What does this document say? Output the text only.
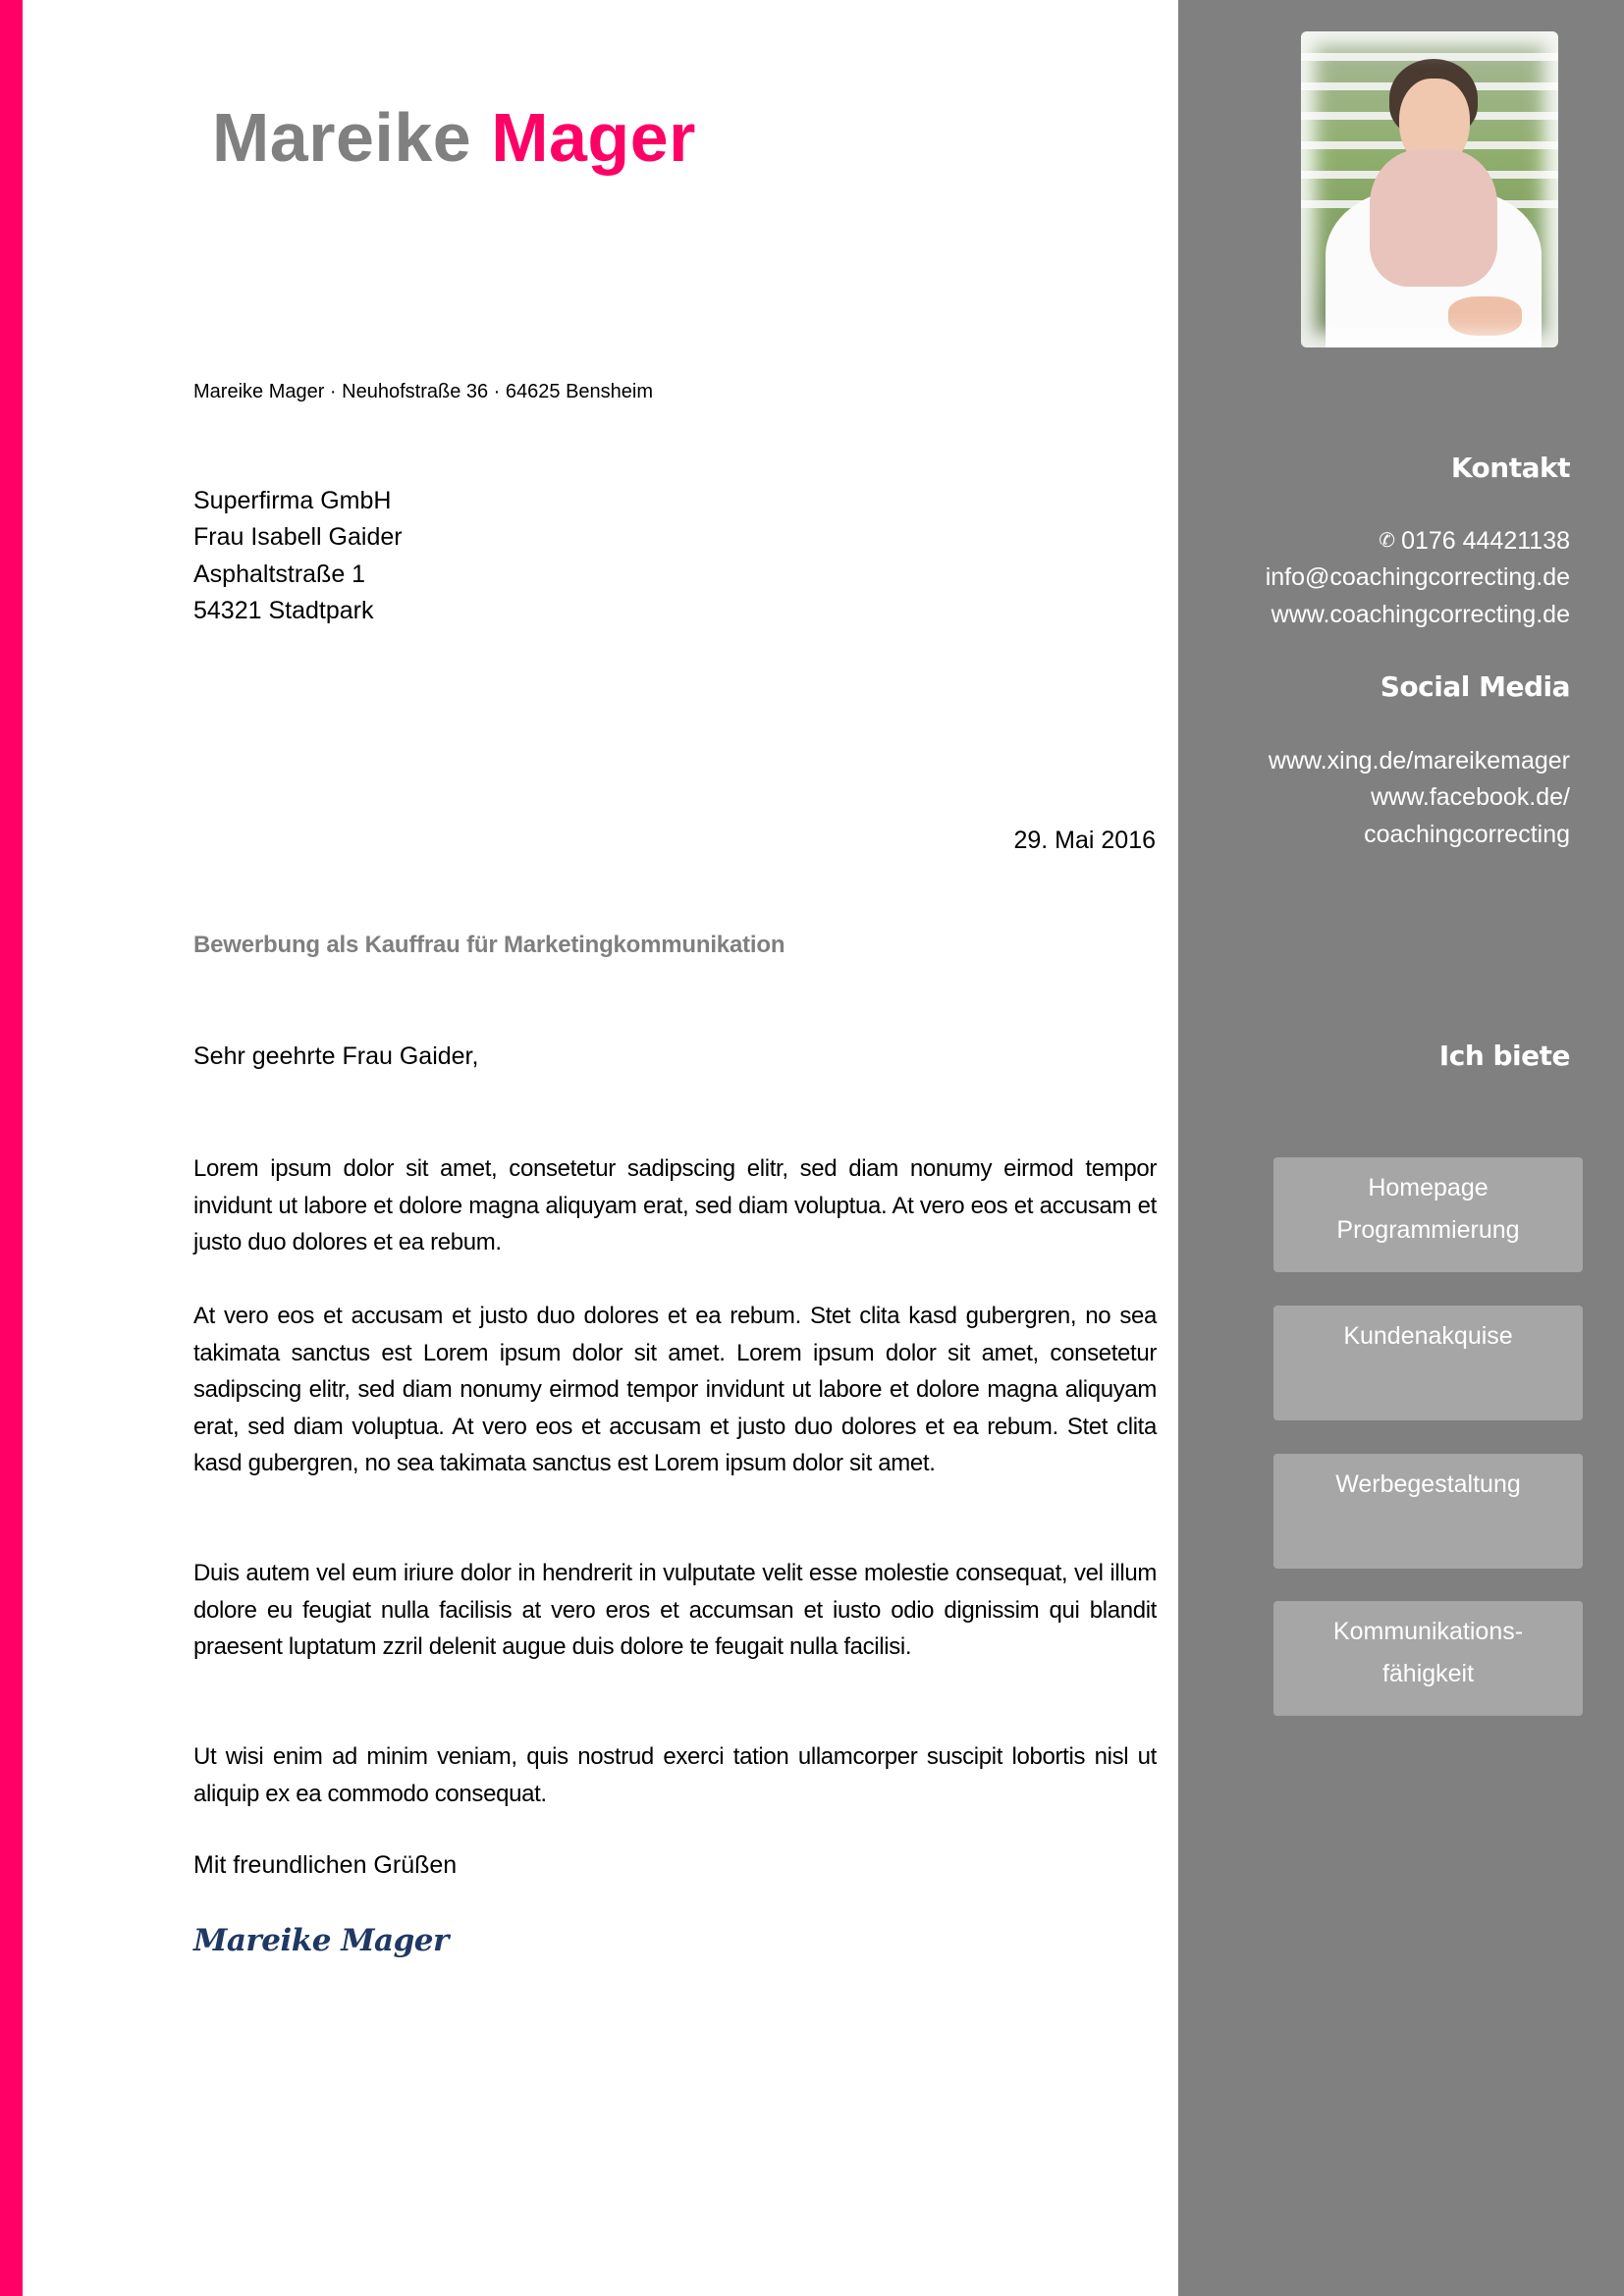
Mareike Mager
Mareike Mager · Neuhofstraße 36 · 64625 Bensheim
Superfirma GmbH
Frau Isabell Gaider
Asphaltstraße 1
54321 Stadtpark
29. Mai 2016
Bewerbung als Kauffrau für Marketingkommunikation
Sehr geehrte Frau Gaider,
Lorem ipsum dolor sit amet, consetetur sadipscing elitr, sed diam nonumy eirmod tempor invidunt ut labore et dolore magna aliquyam erat, sed diam voluptua. At vero eos et accusam et justo duo dolores et ea rebum.
At vero eos et accusam et justo duo dolores et ea rebum. Stet clita kasd gubergren, no sea takimata sanctus est Lorem ipsum dolor sit amet. Lorem ipsum dolor sit amet, consetetur sadipscing elitr, sed diam nonumy eirmod tempor invidunt ut labore et dolore magna aliquyam erat, sed diam voluptua. At vero eos et accusam et justo duo dolores et ea rebum. Stet clita kasd gubergren, no sea takimata sanctus est Lorem ipsum dolor sit amet.
Duis autem vel eum iriure dolor in hendrerit in vulputate velit esse molestie consequat, vel illum dolore eu feugiat nulla facilisis at vero eros et accumsan et iusto odio dignissim qui blandit praesent luptatum zzril delenit augue duis dolore te feugait nulla facilisi.
Ut wisi enim ad minim veniam, quis nostrud exerci tation ullamcorper suscipit lobortis nisl ut aliquip ex ea commodo consequat.
Mit freundlichen Grüßen
Mareike Mager
Kontakt
✆ 0176 44421138
info@coachingcorrecting.de
www.coachingcorrecting.de
Social Media
www.xing.de/mareikemager
www.facebook.de/
coachingcorrecting
Ich biete
Homepage
Programmierung
Kundenakquise
Werbegestaltung
Kommunikations-
fähigkeit
